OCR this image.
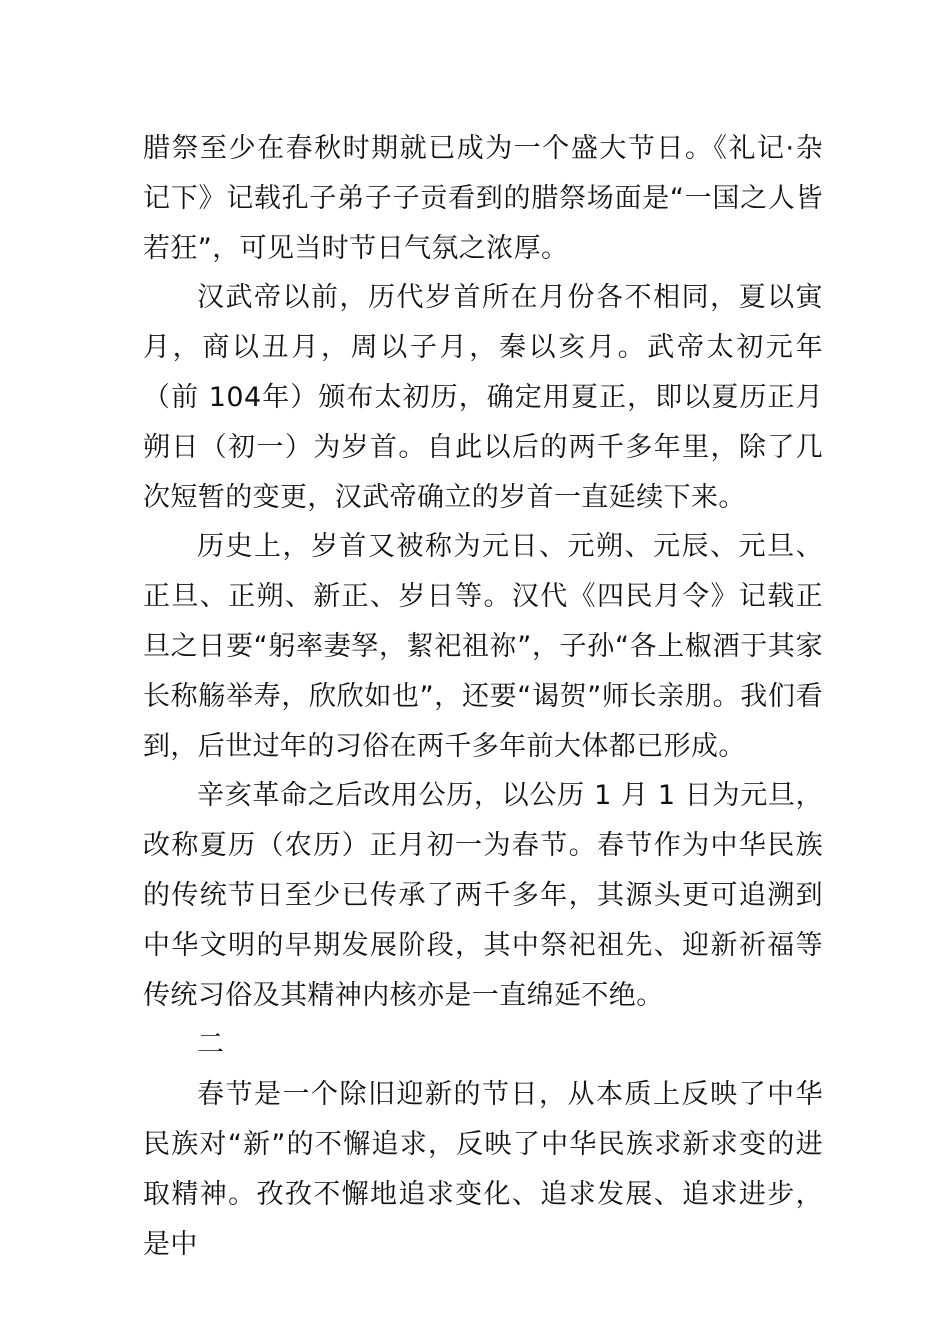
腊祭至少在春秋时期就已成为一个盛大节日。《礼记·杂记下》记载孔子弟子子贡看到的腊祭场面是“一国之人皆若狂”，可见当时节日气氛之浓厚。

汉武帝以前，历代岁首所在月份各不相同，夏以寅月，商以丑月，周以子月，秦以亥月。武帝太初元年（前 104年）颁布太初历，确定用夏正，即以夏历正月朔日（初一）为岁首。自此以后的两千多年里，除了几次短暂的变更，汉武帝确立的岁首一直延续下来。

历史上，岁首又被称为元日、元朔、元辰、元旦、正旦、正朔、新正、岁日等。汉代《四民月令》记载正旦之日要“躬率妻孥，絜祀祖祢”，子孙“各上椒酒于其家长称觞举寿，欣欣如也”，还要“谒贺”师长亲朋。我们看到，后世过年的习俗在两千多年前大体都已形成。

辛亥革命之后改用公历，以公历 1 月 1 日为元旦，改称夏历（农历）正月初一为春节。春节作为中华民族的传统节日至少已传承了两千多年，其源头更可追溯到中华文明的早期发展阶段，其中祭祀祖先、迎新祈福等传统习俗及其精神内核亦是一直绵延不绝。

二

春节是一个除旧迎新的节日，从本质上反映了中华民族对“新”的不懈追求，反映了中华民族求新求变的进取精神。孜孜不懈地追求变化、追求发展、追求进步，是中
